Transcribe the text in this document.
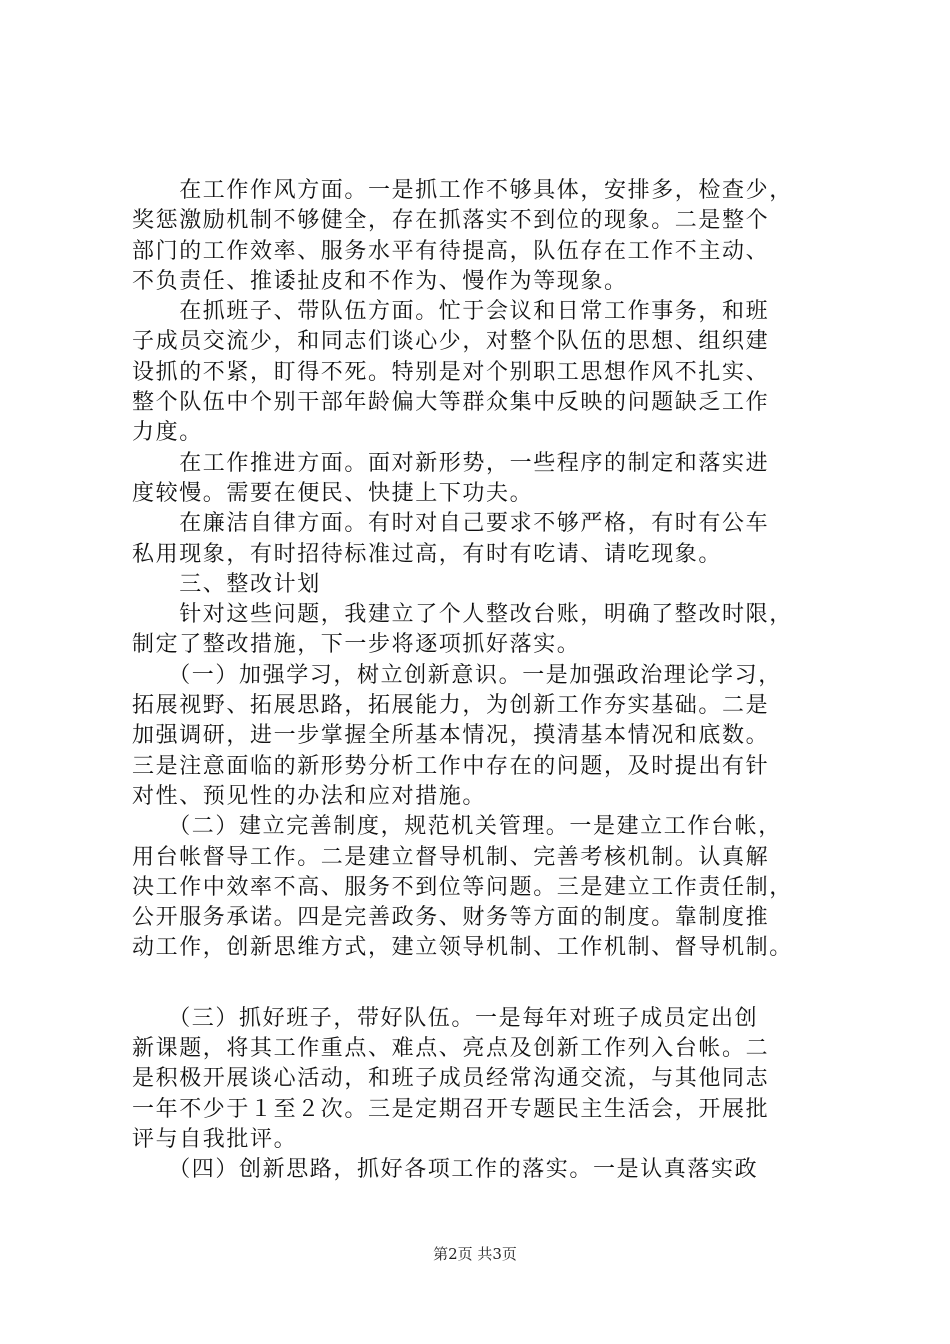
　　在工作作风方面。一是抓工作不够具体，安排多，检查少，
奖惩激励机制不够健全，存在抓落实不到位的现象。二是整个
部门的工作效率、服务水平有待提高，队伍存在工作不主动、
不负责任、推诿扯皮和不作为、慢作为等现象。
　　在抓班子、带队伍方面。忙于会议和日常工作事务，和班
子成员交流少，和同志们谈心少，对整个队伍的思想、组织建
设抓的不紧，盯得不死。特别是对个别职工思想作风不扎实、
整个队伍中个别干部年龄偏大等群众集中反映的问题缺乏工作
力度。
　　在工作推进方面。面对新形势，一些程序的制定和落实进
度较慢。需要在便民、快捷上下功夫。
　　在廉洁自律方面。有时对自己要求不够严格，有时有公车
私用现象，有时招待标准过高，有时有吃请、请吃现象。
　　三、整改计划
　　针对这些问题，我建立了个人整改台账，明确了整改时限，
制定了整改措施，下一步将逐项抓好落实。
　　（一）加强学习，树立创新意识。一是加强政治理论学习，
拓展视野、拓展思路，拓展能力，为创新工作夯实基础。二是
加强调研，进一步掌握全所基本情况，摸清基本情况和底数。
三是注意面临的新形势分析工作中存在的问题，及时提出有针
对性、预见性的办法和应对措施。
　　（二）建立完善制度，规范机关管理。一是建立工作台帐，
用台帐督导工作。二是建立督导机制、完善考核机制。认真解
决工作中效率不高、服务不到位等问题。三是建立工作责任制，
公开服务承诺。四是完善政务、财务等方面的制度。靠制度推
动工作，创新思维方式，建立领导机制、工作机制、督导机制。
　　（三）抓好班子，带好队伍。一是每年对班子成员定出创
新课题，将其工作重点、难点、亮点及创新工作列入台帐。二
是积极开展谈心活动，和班子成员经常沟通交流，与其他同志
一年不少于１至２次。三是定期召开专题民主生活会，开展批
评与自我批评。
　　（四）创新思路，抓好各项工作的落实。一是认真落实政
第2页 共3页
